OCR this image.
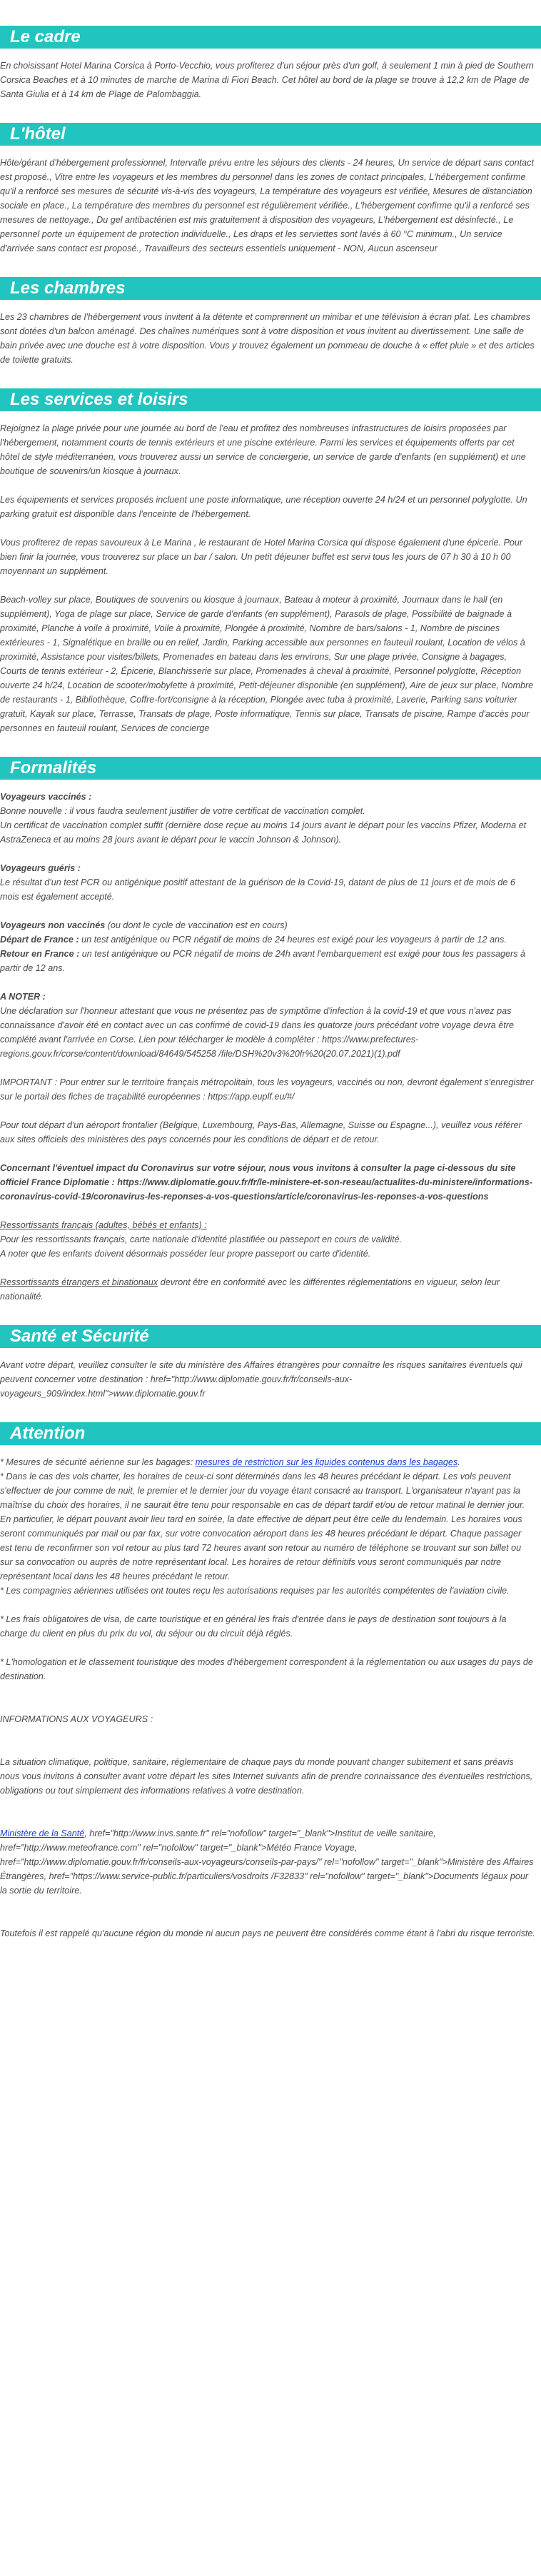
Le cadre
En choisissant Hotel Marina Corsica à Porto-Vecchio, vous profiterez d'un séjour près d'un golf, à seulement 1 min à pied de Southern Corsica Beaches et à 10 minutes de marche de Marina di Fiori Beach. Cet hôtel au bord de la plage se trouve à 12,2 km de Plage de Santa Giulia et à 14 km de Plage de Palombaggia.
L'hôtel
Hôte/gérant d'hébergement professionnel, Intervalle prévu entre les séjours des clients - 24 heures, Un service de départ sans contact est proposé., Vitre entre les voyageurs et les membres du personnel dans les zones de contact principales, L'hébergement confirme qu'il a renforcé ses mesures de sécurité vis-à-vis des voyageurs, La température des voyageurs est vérifiée, Mesures de distanciation sociale en place., La température des membres du personnel est régulièrement vérifiée., L'hébergement confirme qu'il a renforcé ses mesures de nettoyage., Du gel antibactérien est mis gratuitement à disposition des voyageurs, L'hébergement est désinfecté., Le personnel porte un équipement de protection individuelle., Les draps et les serviettes sont lavés à 60 °C minimum., Un service d'arrivée sans contact est proposé., Travailleurs des secteurs essentiels uniquement - NON, Aucun ascenseur
Les chambres
Les 23 chambres de l'hébergement vous invitent à la détente et comprennent un minibar et une télévision à écran plat. Les chambres sont dotées d'un balcon aménagé. Des chaînes numériques sont à votre disposition et vous invitent au divertissement. Une salle de bain privée avec une douche est à votre disposition. Vous y trouvez également un pommeau de douche à « effet pluie » et des articles de toilette gratuits.
Les services et loisirs

Rejoignez la plage privée pour une journée au bord de l'eau et profitez des nombreuses infrastructures de loisirs proposées par l'hébergement, notamment courts de tennis extérieurs et une piscine extérieure. Parmi les services et équipements offerts par cet hôtel de style méditerranéen, vous trouverez aussi un service de conciergerie, un service de garde d'enfants (en supplément) et une boutique de souvenirs/un kiosque à journaux.

Les équipements et services proposés incluent une poste informatique, une réception ouverte 24 h/24 et un personnel polyglotte. Un parking gratuit est disponible dans l'enceinte de l'hébergement.

Vous profiterez de repas savoureux à Le Marina , le restaurant de Hotel Marina Corsica qui dispose également d'une épicerie. Pour bien finir la journée, vous trouverez sur place un bar / salon. Un petit déjeuner buffet est servi tous les jours de 07 h 30 à 10 h 00 moyennant un supplément.

Beach-volley sur place, Boutiques de souvenirs ou kiosque à journaux, Bateau à moteur à proximité, Journaux dans le hall (en supplément), Yoga de plage sur place, Service de garde d'enfants (en supplément), Parasols de plage, Possibilité de baignade à proximité, Planche à voile à proximité, Voile à proximité, Plongée à proximité, Nombre de bars/salons - 1, Nombre de piscines extérieures - 1, Signalétique en braille ou en relief, Jardin, Parking accessible aux personnes en fauteuil roulant, Location de vélos à proximité, Assistance pour visites/billets, Promenades en bateau dans les environs, Sur une plage privée, Consigne à bagages, Courts de tennis extérieur - 2, Épicerie, Blanchisserie sur place, Promenades à cheval à proximité, Personnel polyglotte, Réception ouverte 24 h/24, Location de scooter/mobylette à proximité, Petit-déjeuner disponible (en supplément), Aire de jeux sur place, Nombre de restaurants - 1, Bibliothèque, Coffre-fort/consigne à la réception, Plongée avec tuba à proximité, Laverie, Parking sans voiturier gratuit, Kayak sur place, Terrasse, Transats de plage, Poste informatique, Tennis sur place, Transats de piscine, Rampe d'accès pour personnes en fauteuil roulant, Services de concierge

Formalités

Voyageurs vaccinés :

Bonne nouvelle : il vous faudra seulement justifier de votre certificat de vaccination complet.

Un certificat de vaccination complet suffit (dernière dose reçue au moins 14 jours avant le départ pour les vaccins Pfizer, Moderna et AstraZeneca et au moins 28 jours avant le départ pour le vaccin Johnson & Johnson).

Voyageurs guéris :

Le résultat d'un test PCR ou antigénique positif attestant de la guérison de la Covid-19, datant de plus de 11 jours et de mois de 6 mois est également accepté.

Voyageurs non vaccinés (ou dont le cycle de vaccination est en cours)

Départ de France : un test antigénique ou PCR négatif de moins de 24 heures est exigé pour les voyageurs à partir de 12 ans.

Retour en France : un test antigénique ou PCR négatif de moins de 24h avant l'embarquement est exigé pour tous les passagers à partir de 12 ans.

A NOTER :

Une déclaration sur l'honneur attestant que vous ne présentez pas de symptôme d'infection à la covid-19 et que vous n'avez pas connaissance d'avoir été en contact avec un cas confirmé de covid-19 dans les quatorze jours précédant votre voyage devra être complété avant l'arrivée en Corse. Lien pour télécharger le modèle à compléter : https://www.prefectures-regions.gouv.fr/corse/content/download/84649/545258 /file/DSH%20v3%20fr%20(20.07.2021)(1).pdf

IMPORTANT : Pour entrer sur le territoire français métropolitain, tous les voyageurs, vaccinés ou non, devront également s'enregistrer sur le portail des fiches de traçabilité européennes : https://app.euplf.eu/#/

Pour tout départ d'un aéroport frontalier (Belgique, Luxembourg, Pays-Bas, Allemagne, Suisse ou Espagne...), veuillez vous référer aux sites officiels des ministères des pays concernés pour les conditions de départ et de retour.

Concernant l'éventuel impact du Coronavirus sur votre séjour, nous vous invitons à consulter la page ci-dessous du site officiel France Diplomatie : https://www.diplomatie.gouv.fr/fr/le-ministere-et-son-reseau/actualites-du-ministere/informations-coronavirus-covid-19/coronavirus-les-reponses-a-vos-questions/article/coronavirus-les-reponses-a-vos-questions

Ressortissants français (adultes, bébés et enfants) :

Pour les ressortissants français, carte nationale d'identité plastifiée ou passeport en cours de validité.

A noter que les enfants doivent désormais posséder leur propre passeport ou carte d'identité.

Ressortissants étrangers et binationaux devront être en conformité avec les différentes réglementations en vigueur, selon leur nationalité.

Santé et Sécurité
Avant votre départ, veuillez consulter le site du ministère des Affaires étrangères pour connaître les risques sanitaires éventuels qui peuvent concerner votre destination : href="http://www.diplomatie.gouv.fr/fr/conseils-aux-voyageurs_909/index.html">www.diplomatie.gouv.fr
Attention

* Mesures de sécurité aérienne sur les bagages: mesures de restriction sur les liquides contenus dans les bagages.

* Dans le cas des vols charter, les horaires de ceux-ci sont déterminés dans les 48 heures précédant le départ. Les vols peuvent s'effectuer de jour comme de nuit, le premier et le dernier jour du voyage étant consacré au transport. L'organisateur n'ayant pas la maîtrise du choix des horaires, il ne saurait être tenu pour responsable en cas de départ tardif et/ou de retour matinal le dernier jour. En particulier, le départ pouvant avoir lieu tard en soirée, la date effective de départ peut être celle du lendemain. Les horaires vous seront communiqués par mail ou par fax, sur votre convocation aéroport dans les 48 heures précédant le départ. Chaque passager est tenu de reconfirmer son vol retour au plus tard 72 heures avant son retour au numéro de téléphone se trouvant sur son billet ou sur sa convocation ou auprès de notre représentant local. Les horaires de retour définitifs vous seront communiqués par notre représentant local dans les 48 heures précédant le retour.

* Les compagnies aériennes utilisées ont toutes reçu les autorisations requises par les autorités compétentes de l'aviation civile.

* Les frais obligatoires de visa, de carte touristique et en général les frais d'entrée dans le pays de destination sont toujours à la charge du client en plus du prix du vol, du séjour ou du circuit déjà réglés.

* L'homologation et le classement touristique des modes d'hébergement correspondent à la réglementation ou aux usages du pays de destination.

INFORMATIONS AUX VOYAGEURS :

La situation climatique, politique, sanitaire, réglementaire de chaque pays du monde pouvant changer subitement et sans préavis nous vous invitons à consulter avant votre départ les sites Internet suivants afin de prendre connaissance des éventuelles restrictions, obligations ou tout simplement des informations relatives à votre destination.

Ministère de la Santé, href="http://www.invs.sante.fr" rel="nofollow" target="_blank">Institut de veille sanitaire, href="http://www.meteofrance.com" rel="nofollow" target="_blank">Météo France Voyage, href="http://www.diplomatie.gouv.fr/fr/conseils-aux-voyageurs/conseils-par-pays/" rel="nofollow" target="_blank">Ministère des Affaires Étrangères, href="https://www.service-public.fr/particuliers/vosdroits /F32833" rel="nofollow" target="_blank">Documents légaux pour la sortie du territoire.

Toutefois il est rappelé qu'aucune région du monde ni aucun pays ne peuvent être considérés comme étant à l'abri du risque terroriste.
